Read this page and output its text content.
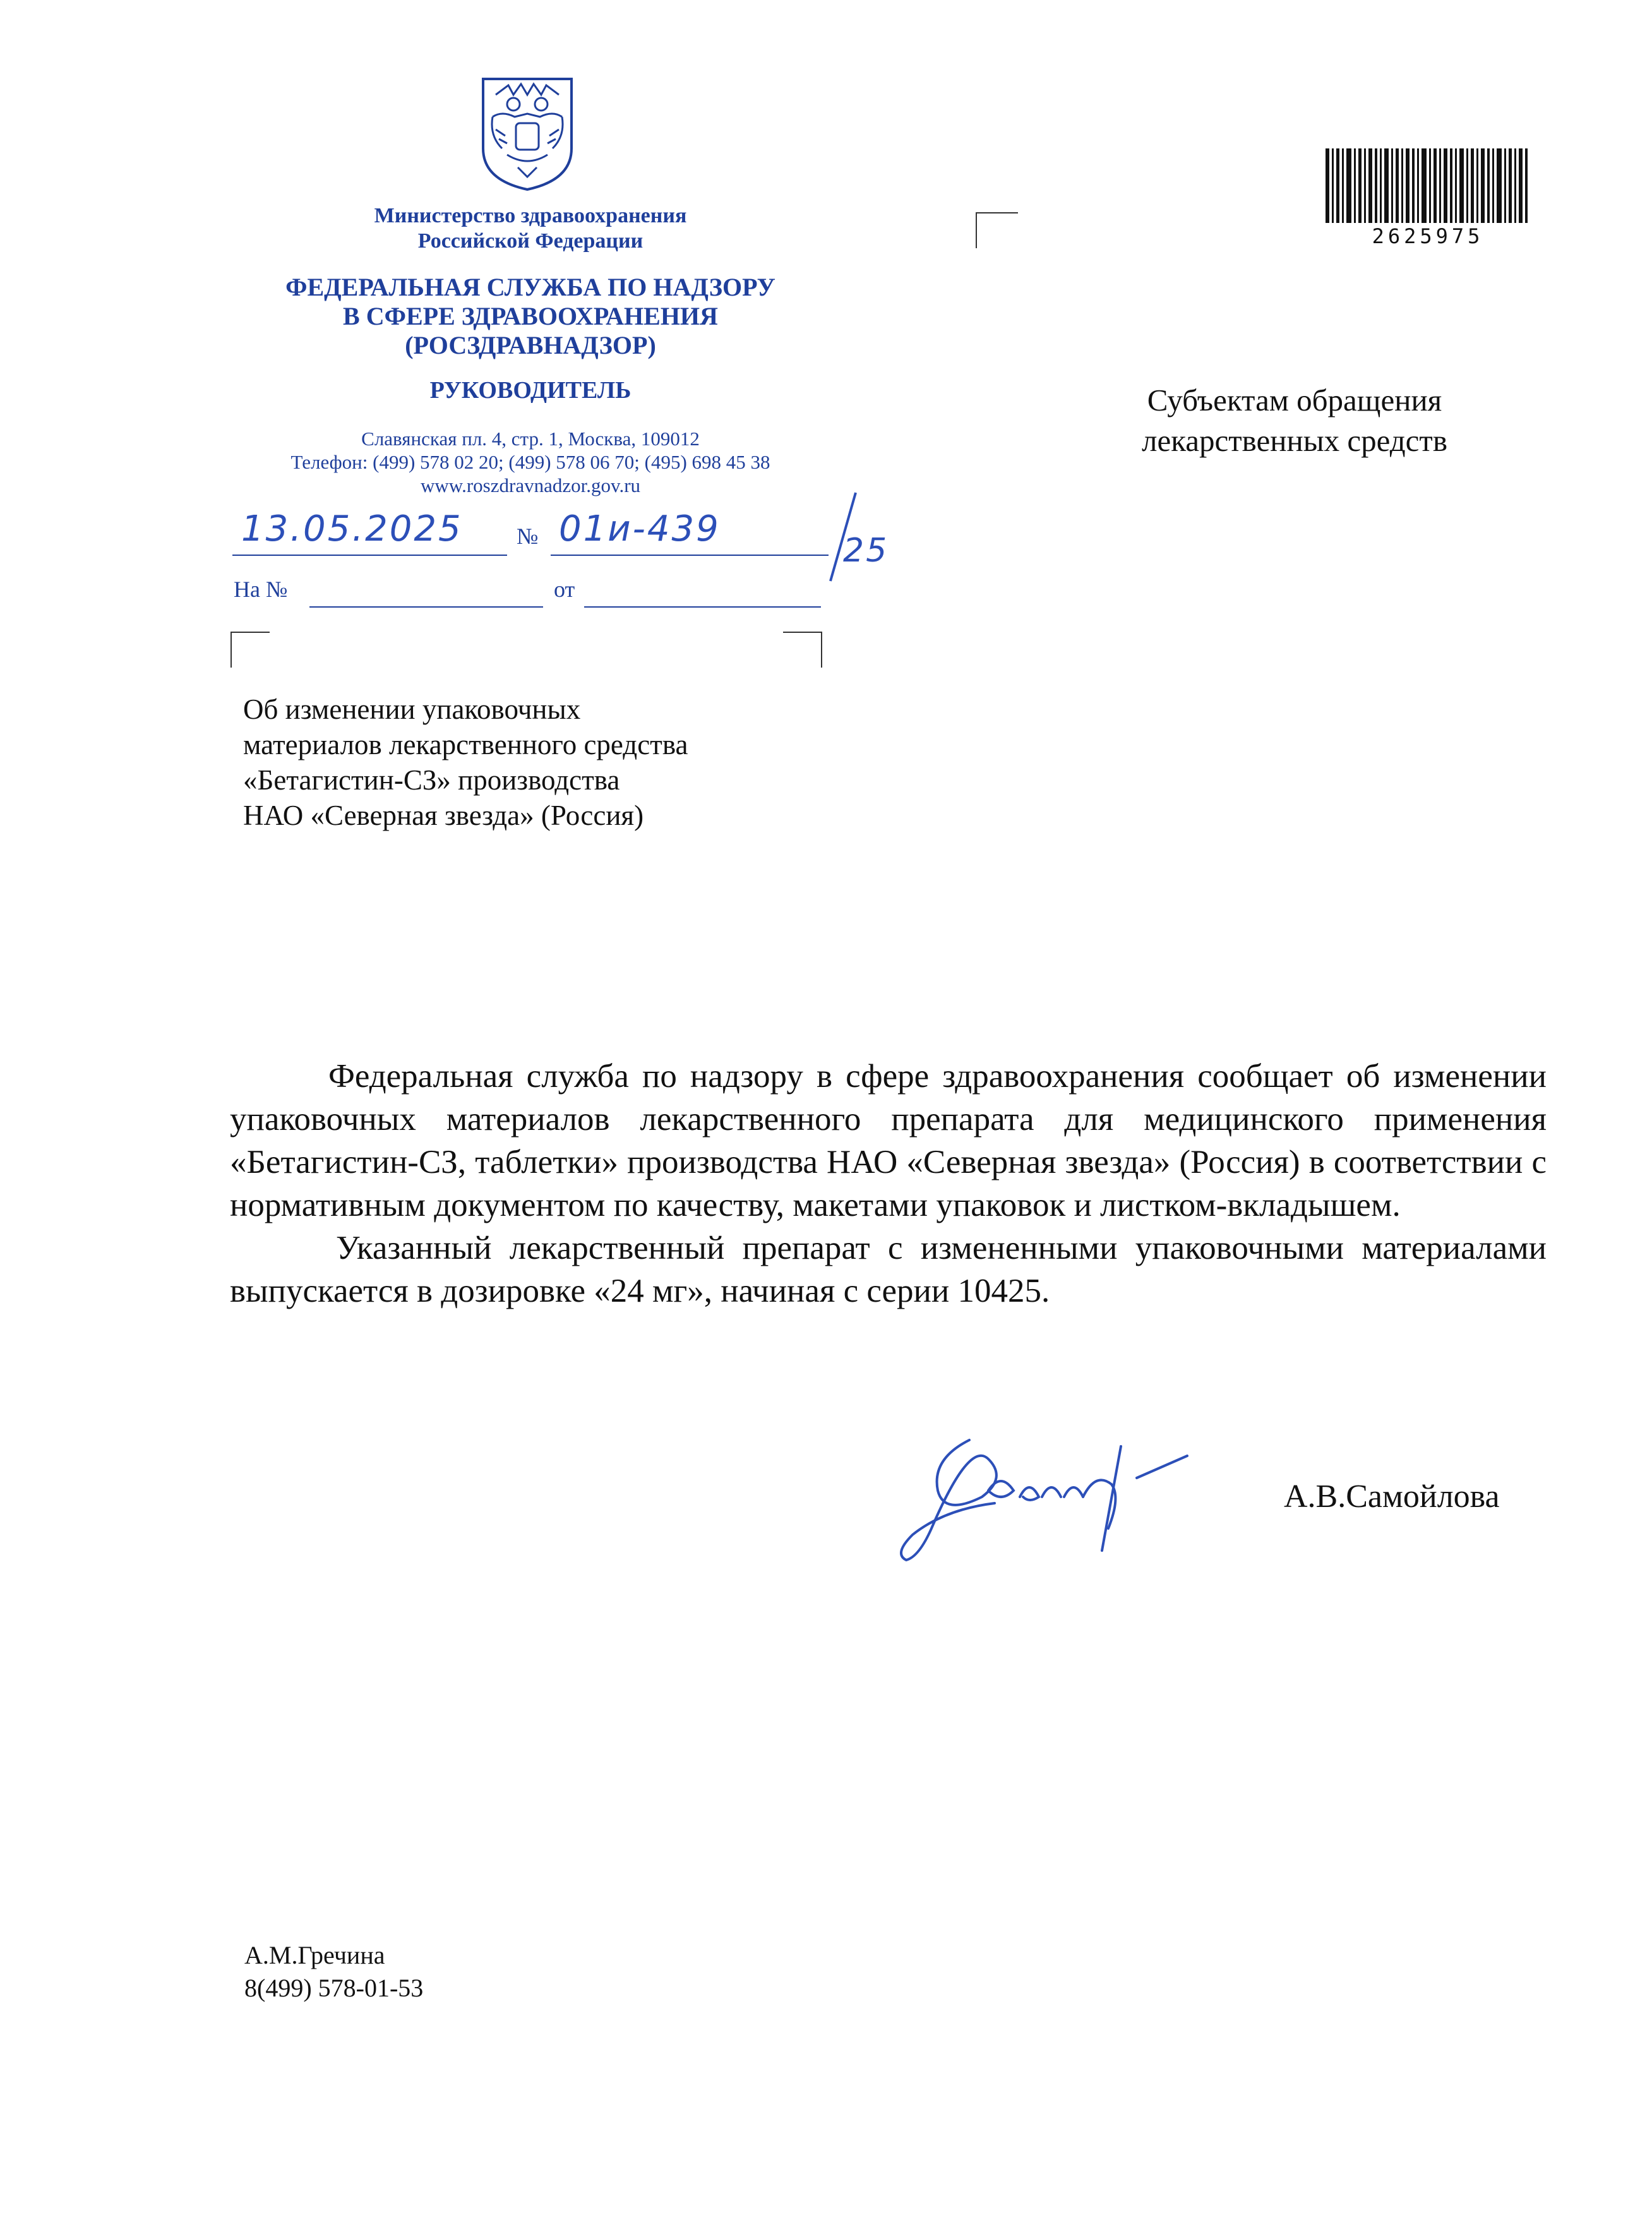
Министерство здравоохранения Российской Федерации
ФЕДЕРАЛЬНАЯ СЛУЖБА ПО НАДЗОРУ
В СФЕРЕ ЗДРАВООХРАНЕНИЯ
(РОСЗДРАВНАДЗОР)
РУКОВОДИТЕЛЬ
Славянская пл. 4, стр. 1, Москва, 109012
Телефон: (499) 578 02 20; (499) 578 06 70; (495) 698 45 38
www.roszdravnadzor.gov.ru
13.05.2025 № 01и-439
25
На №	от
2625975
Субъектам обращения
лекарственных средств
Об изменении упаковочных
материалов лекарственного средства
«Бетагистин-СЗ» производства
НАО «Северная звезда» (Россия)
Федеральная служба по надзору в сфере здравоохранения сообщает об изменении упаковочных материалов лекарственного препарата для медицинского применения «Бетагистин-СЗ, таблетки» производства НАО «Северная звезда» (Россия) в соответствии с нормативным документом по качеству, макетами упаковок и листком-вкладышем.
Указанный лекарственный препарат с измененными упаковочными материалами выпускается в дозировке «24 мг», начиная с серии 10425.
А.В.Самойлова
А.М.Гречина
8(499) 578-01-53
